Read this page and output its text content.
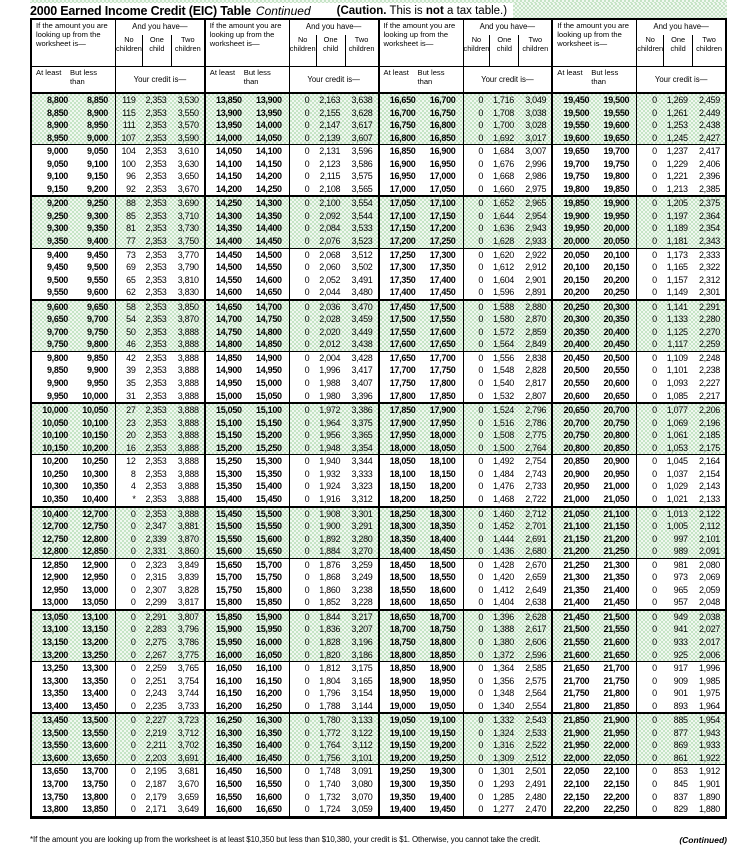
2000 Earned Income Credit (EIC) Table Continued (Caution. This is not a tax table.)
If the amount you are looking up from the worksheet is—
And you have—
No children
One child
Two children
At least	But less than	Your credit is—
8,800	8,850	119	2,353	3,530
8,850	8,900	115	2,353	3,550
8,900	8,950	111	2,353	3,570
8,950	9,000	107	2,353	3,590
9,000	9,050	104	2,353	3,610
9,050	9,100	100	2,353	3,630
9,100	9,150	96	2,353	3,650
9,150	9,200	92	2,353	3,670
9,200	9,250	88	2,353	3,690
9,250	9,300	85	2,353	3,710
9,300	9,350	81	2,353	3,730
9,350	9,400	77	2,353	3,750
9,400	9,450	73	2,353	3,770
9,450	9,500	69	2,353	3,790
9,500	9,550	65	2,353	3,810
9,550	9,600	62	2,353	3,830
9,600	9,650	58	2,353	3,850
9,650	9,700	54	2,353	3,870
9,700	9,750	50	2,353	3,888
9,750	9,800	46	2,353	3,888
9,800	9,850	42	2,353	3,888
9,850	9,900	39	2,353	3,888
9,900	9,950	35	2,353	3,888
9,950	10,000	31	2,353	3,888
10,000	10,050	27	2,353	3,888
10,050	10,100	23	2,353	3,888
10,100	10,150	20	2,353	3,888
10,150	10,200	16	2,353	3,888
10,200	10,250	12	2,353	3,888
10,250	10,300	8	2,353	3,888
10,300	10,350	4	2,353	3,888
10,350	10,400	*	2,353	3,888
10,400	12,700	0	2,353	3,888
12,700	12,750	0	2,347	3,881
12,750	12,800	0	2,339	3,870
12,800	12,850	0	2,331	3,860
12,850	12,900	0	2,323	3,849
12,900	12,950	0	2,315	3,839
12,950	13,000	0	2,307	3,828
13,000	13,050	0	2,299	3,817
13,050	13,100	0	2,291	3,807
13,100	13,150	0	2,283	3,796
13,150	13,200	0	2,275	3,786
13,200	13,250	0	2,267	3,775
13,250	13,300	0	2,259	3,765
13,300	13,350	0	2,251	3,754
13,350	13,400	0	2,243	3,744
13,400	13,450	0	2,235	3,733
13,450	13,500	0	2,227	3,723
13,500	13,550	0	2,219	3,712
13,550	13,600	0	2,211	3,702
13,600	13,650	0	2,203	3,691
13,650	13,700	0	2,195	3,681
13,700	13,750	0	2,187	3,670
13,750	13,800	0	2,179	3,659
13,800	13,850	0	2,171	3,649
If the amount you are looking up from the worksheet is—
And you have—
No children
One child
Two children
At least	But less than	Your credit is—
13,850	13,900	0	2,163	3,638
13,900	13,950	0	2,155	3,628
13,950	14,000	0	2,147	3,617
14,000	14,050	0	2,139	3,607
14,050	14,100	0	2,131	3,596
14,100	14,150	0	2,123	3,586
14,150	14,200	0	2,115	3,575
14,200	14,250	0	2,108	3,565
14,250	14,300	0	2,100	3,554
14,300	14,350	0	2,092	3,544
14,350	14,400	0	2,084	3,533
14,400	14,450	0	2,076	3,523
14,450	14,500	0	2,068	3,512
14,500	14,550	0	2,060	3,502
14,550	14,600	0	2,052	3,491
14,600	14,650	0	2,044	3,480
14,650	14,700	0	2,036	3,470
14,700	14,750	0	2,028	3,459
14,750	14,800	0	2,020	3,449
14,800	14,850	0	2,012	3,438
14,850	14,900	0	2,004	3,428
14,900	14,950	0	1,996	3,417
14,950	15,000	0	1,988	3,407
15,000	15,050	0	1,980	3,396
15,050	15,100	0	1,972	3,386
15,100	15,150	0	1,964	3,375
15,150	15,200	0	1,956	3,365
15,200	15,250	0	1,948	3,354
15,250	15,300	0	1,940	3,344
15,300	15,350	0	1,932	3,333
15,350	15,400	0	1,924	3,323
15,400	15,450	0	1,916	3,312
15,450	15,500	0	1,908	3,301
15,500	15,550	0	1,900	3,291
15,550	15,600	0	1,892	3,280
15,600	15,650	0	1,884	3,270
15,650	15,700	0	1,876	3,259
15,700	15,750	0	1,868	3,249
15,750	15,800	0	1,860	3,238
15,800	15,850	0	1,852	3,228
15,850	15,900	0	1,844	3,217
15,900	15,950	0	1,836	3,207
15,950	16,000	0	1,828	3,196
16,000	16,050	0	1,820	3,186
16,050	16,100	0	1,812	3,175
16,100	16,150	0	1,804	3,165
16,150	16,200	0	1,796	3,154
16,200	16,250	0	1,788	3,144
16,250	16,300	0	1,780	3,133
16,300	16,350	0	1,772	3,122
16,350	16,400	0	1,764	3,112
16,400	16,450	0	1,756	3,101
16,450	16,500	0	1,748	3,091
16,500	16,550	0	1,740	3,080
16,550	16,600	0	1,732	3,070
16,600	16,650	0	1,724	3,059
If the amount you are looking up from the worksheet is—
And you have—
No children
One child
Two children
At least	But less than	Your credit is—
16,650	16,700	0	1,716	3,049
16,700	16,750	0	1,708	3,038
16,750	16,800	0	1,700	3,028
16,800	16,850	0	1,692	3,017
16,850	16,900	0	1,684	3,007
16,900	16,950	0	1,676	2,996
16,950	17,000	0	1,668	2,986
17,000	17,050	0	1,660	2,975
17,050	17,100	0	1,652	2,965
17,100	17,150	0	1,644	2,954
17,150	17,200	0	1,636	2,943
17,200	17,250	0	1,628	2,933
17,250	17,300	0	1,620	2,922
17,300	17,350	0	1,612	2,912
17,350	17,400	0	1,604	2,901
17,400	17,450	0	1,596	2,891
17,450	17,500	0	1,588	2,880
17,500	17,550	0	1,580	2,870
17,550	17,600	0	1,572	2,859
17,600	17,650	0	1,564	2,849
17,650	17,700	0	1,556	2,838
17,700	17,750	0	1,548	2,828
17,750	17,800	0	1,540	2,817
17,800	17,850	0	1,532	2,807
17,850	17,900	0	1,524	2,796
17,900	17,950	0	1,516	2,786
17,950	18,000	0	1,508	2,775
18,000	18,050	0	1,500	2,764
18,050	18,100	0	1,492	2,754
18,100	18,150	0	1,484	2,743
18,150	18,200	0	1,476	2,733
18,200	18,250	0	1,468	2,722
18,250	18,300	0	1,460	2,712
18,300	18,350	0	1,452	2,701
18,350	18,400	0	1,444	2,691
18,400	18,450	0	1,436	2,680
18,450	18,500	0	1,428	2,670
18,500	18,550	0	1,420	2,659
18,550	18,600	0	1,412	2,649
18,600	18,650	0	1,404	2,638
18,650	18,700	0	1,396	2,628
18,700	18,750	0	1,388	2,617
18,750	18,800	0	1,380	2,606
18,800	18,850	0	1,372	2,596
18,850	18,900	0	1,364	2,585
18,900	18,950	0	1,356	2,575
18,950	19,000	0	1,348	2,564
19,000	19,050	0	1,340	2,554
19,050	19,100	0	1,332	2,543
19,100	19,150	0	1,324	2,533
19,150	19,200	0	1,316	2,522
19,200	19,250	0	1,309	2,512
19,250	19,300	0	1,301	2,501
19,300	19,350	0	1,293	2,491
19,350	19,400	0	1,285	2,480
19,400	19,450	0	1,277	2,470
If the amount you are looking up from the worksheet is—
And you have—
No children
One child
Two children
At least	But less than	Your credit is—
19,450	19,500	0	1,269	2,459
19,500	19,550	0	1,261	2,449
19,550	19,600	0	1,253	2,438
19,600	19,650	0	1,245	2,427
19,650	19,700	0	1,237	2,417
19,700	19,750	0	1,229	2,406
19,750	19,800	0	1,221	2,396
19,800	19,850	0	1,213	2,385
19,850	19,900	0	1,205	2,375
19,900	19,950	0	1,197	2,364
19,950	20,000	0	1,189	2,354
20,000	20,050	0	1,181	2,343
20,050	20,100	0	1,173	2,333
20,100	20,150	0	1,165	2,322
20,150	20,200	0	1,157	2,312
20,200	20,250	0	1,149	2,301
20,250	20,300	0	1,141	2,291
20,300	20,350	0	1,133	2,280
20,350	20,400	0	1,125	2,270
20,400	20,450	0	1,117	2,259
20,450	20,500	0	1,109	2,248
20,500	20,550	0	1,101	2,238
20,550	20,600	0	1,093	2,227
20,600	20,650	0	1,085	2,217
20,650	20,700	0	1,077	2,206
20,700	20,750	0	1,069	2,196
20,750	20,800	0	1,061	2,185
20,800	20,850	0	1,053	2,175
20,850	20,900	0	1,045	2,164
20,900	20,950	0	1,037	2,154
20,950	21,000	0	1,029	2,143
21,000	21,050	0	1,021	2,133
21,050	21,100	0	1,013	2,122
21,100	21,150	0	1,005	2,112
21,150	21,200	0	997	2,101
21,200	21,250	0	989	2,091
21,250	21,300	0	981	2,080
21,300	21,350	0	973	2,069
21,350	21,400	0	965	2,059
21,400	21,450	0	957	2,048
21,450	21,500	0	949	2,038
21,500	21,550	0	941	2,027
21,550	21,600	0	933	2,017
21,600	21,650	0	925	2,006
21,650	21,700	0	917	1,996
21,700	21,750	0	909	1,985
21,750	21,800	0	901	1,975
21,800	21,850	0	893	1,964
21,850	21,900	0	885	1,954
21,900	21,950	0	877	1,943
21,950	22,000	0	869	1,933
22,000	22,050	0	861	1,922
22,050	22,100	0	853	1,912
22,100	22,150	0	845	1,901
22,150	22,200	0	837	1,890
22,200	22,250	0	829	1,880
*If the amount you are looking up from the worksheet is at least $10,350 but less than $10,380, your credit is $1. Otherwise, you cannot take the credit.	(Continued)
